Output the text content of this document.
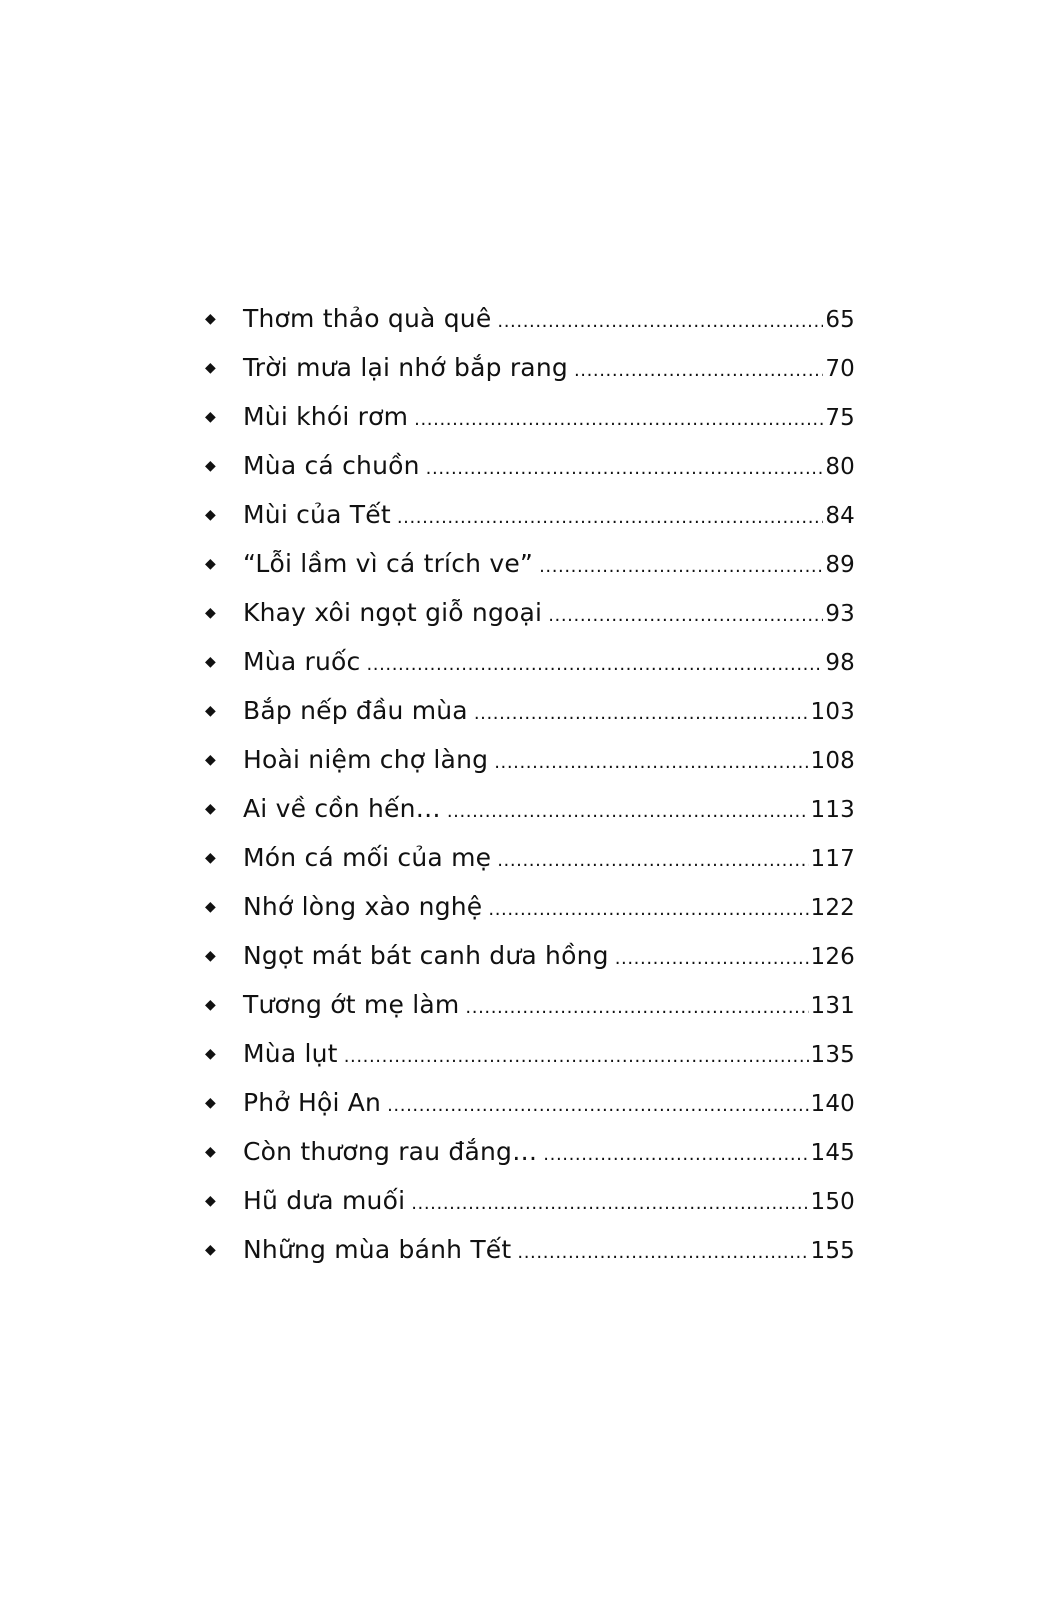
◆	Thơm thảo quà quê .....	65
◆	Trời mưa lại nhớ bắp rang .....	70
◆	Mùi khói rơm .....	75
◆	Mùa cá chuồn .....	80
◆	Mùi của Tết .....	84
◆	“Lỗi lầm vì cá trích ve” .....	89
◆	Khay xôi ngọt giỗ ngoại .....	93
◆	Mùa ruốc .....	98
◆	Bắp nếp đầu mùa .....	103
◆	Hoài niệm chợ làng .....	108
◆	Ai về cồn hến… .....	113
◆	Món cá mối của mẹ .....	117
◆	Nhớ lòng xào nghệ .....	122
◆	Ngọt mát bát canh dưa hồng .....	126
◆	Tương ớt mẹ làm .....	131
◆	Mùa lụt .....	135
◆	Phở Hội An .....	140
◆	Còn thương rau đắng… .....	145
◆	Hũ dưa muối .....	150
◆	Những mùa bánh Tết .....	155
